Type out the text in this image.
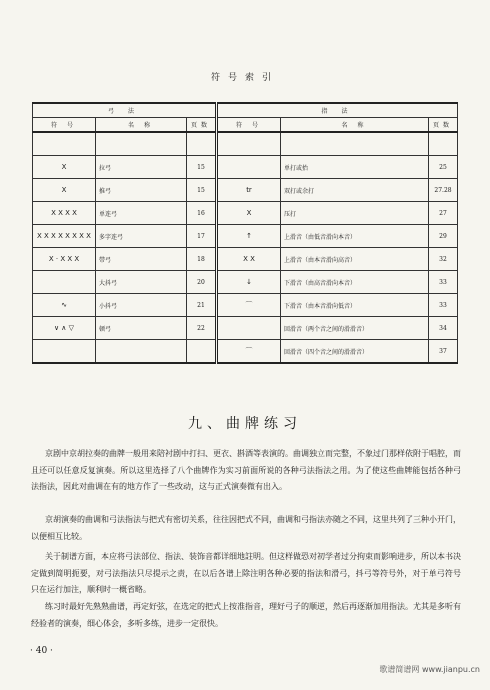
符号索引
弓 法			指 法		
符 号	名 称	页数	符 号	名 称	页数

X	拉弓	15		单打或抬	25
X	推弓	15	tr	双打或余打	27.28
X X X X	单连弓	16	X	压打	27
X X X X X X X X	多字连弓	17	↑	上滑音（由低音滑向本音）	29
X · X X X	带弓	18	X X	上滑音（由本音滑向高音）	32
	大抖弓	20	↓	下滑音（由高音滑向本音）	33
∿	小抖弓	21	⌒	下滑音（由本音滑向低音）	33
∨ ∧ ▽	顿弓	22		回滑音（两个音之间的滑滑音）	34
			⌒	回滑音（四个音之间的滑滑音）	37
九、曲牌练习

京剧中京胡拉奏的曲牌一般用来陪衬剧中打扫、更衣、斟酒等表演的。曲调独立而完整，不象过门那样依附于唱腔，而且还可以任意反复演奏。所以这里选择了八个曲牌作为实习前面所说的各种弓法指法之用。为了使这些曲牌能包括各种弓法指法，因此对曲调在有的地方作了一些改动，这与正式演奏微有出入。

京胡演奏的曲调和弓法指法与把式有密切关系，往往因把式不同，曲调和弓指法亦随之不同，这里共列了三种小开门，以便相互比较。

关于制谱方面，本应将弓法部位、指法、装饰音都详细地註明。但这样做恐对初学者过分拘束而影响进步，所以本书决定做到简明扼要，对弓法指法只尽提示之责，在以后各谱上除注明各种必要的指法和滑弓，抖弓等符号外，对于单弓符号只在运行加注，顺利时一概省略。

练习时最好先熟熟曲谱，再定好弦，在选定的把式上按准指音，理好弓子的顺逆，然后再逐渐加用指法。尤其是多听有经验者的演奏，细心体会，多听多练，进步一定很快。

· 40 ·
歌谱简谱网 www.jianpu.cn
